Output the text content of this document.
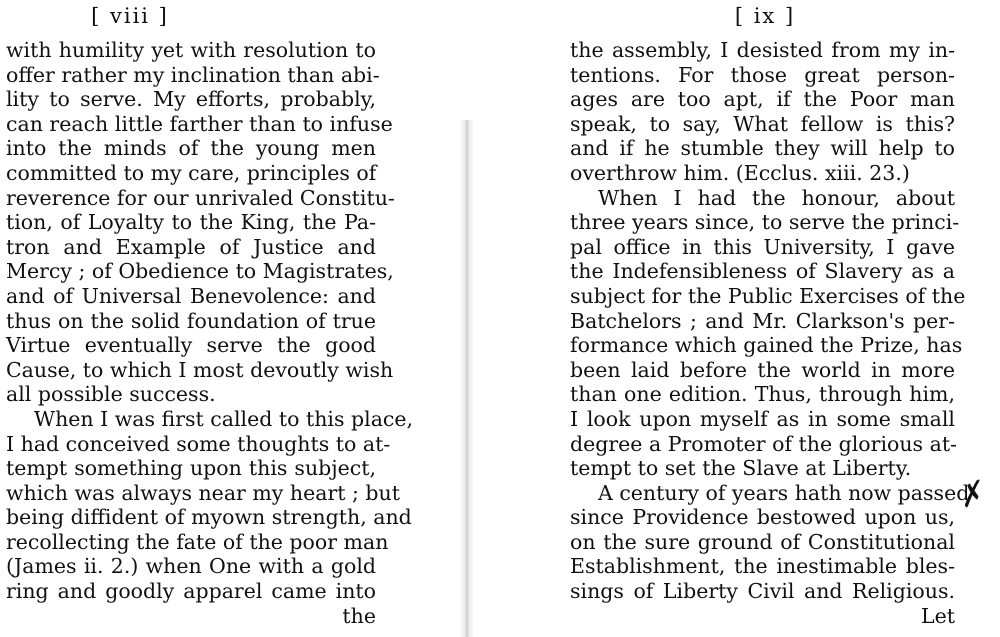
[ viii ]
with humility yet with resolution to
offer rather my inclination than abi-
lity to serve. My efforts, probably,
can reach little farther than to infuse
into the minds of the young men
committed to my care, principles of
reverence for our unrivaled Constitu-
tion, of Loyalty to the King, the Pa-
tron and Example of Justice and
Mercy ; of Obedience to Magistrates,
and of Universal Benevolence: and
thus on the solid foundation of true
Virtue eventually serve the good
Cause, to which I most devoutly wish
all possible success.
When I was first called to this place,
I had conceived some thoughts to at-
tempt something upon this subject,
which was always near my heart ; but
being diffident of myown strength, and
recollecting the fate of the poor man
(James ii. 2.) when One with a gold
ring and goodly apparel came into
the
[ ix ]
the assembly, I desisted from my in-
tentions. For those great person-
ages are too apt, if the Poor man
speak, to say, What fellow is this?
and if he stumble they will help to
overthrow him. (Ecclus. xiii. 23.)
When I had the honour, about
three years since, to serve the princi-
pal office in this University, I gave
the Indefensibleness of Slavery as a
subject for the Public Exercises of the
Batchelors ; and Mr. Clarkson's per-
formance which gained the Prize, has
been laid before the world in more
than one edition. Thus, through him,
I look upon myself as in some small
degree a Promoter of the glorious at-
tempt to set the Slave at Liberty.
A century of years hath now passed
since Providence bestowed upon us,
on the sure ground of Constitutional
Establishment, the inestimable bles-
sings of Liberty Civil and Religious.
Let
✗
